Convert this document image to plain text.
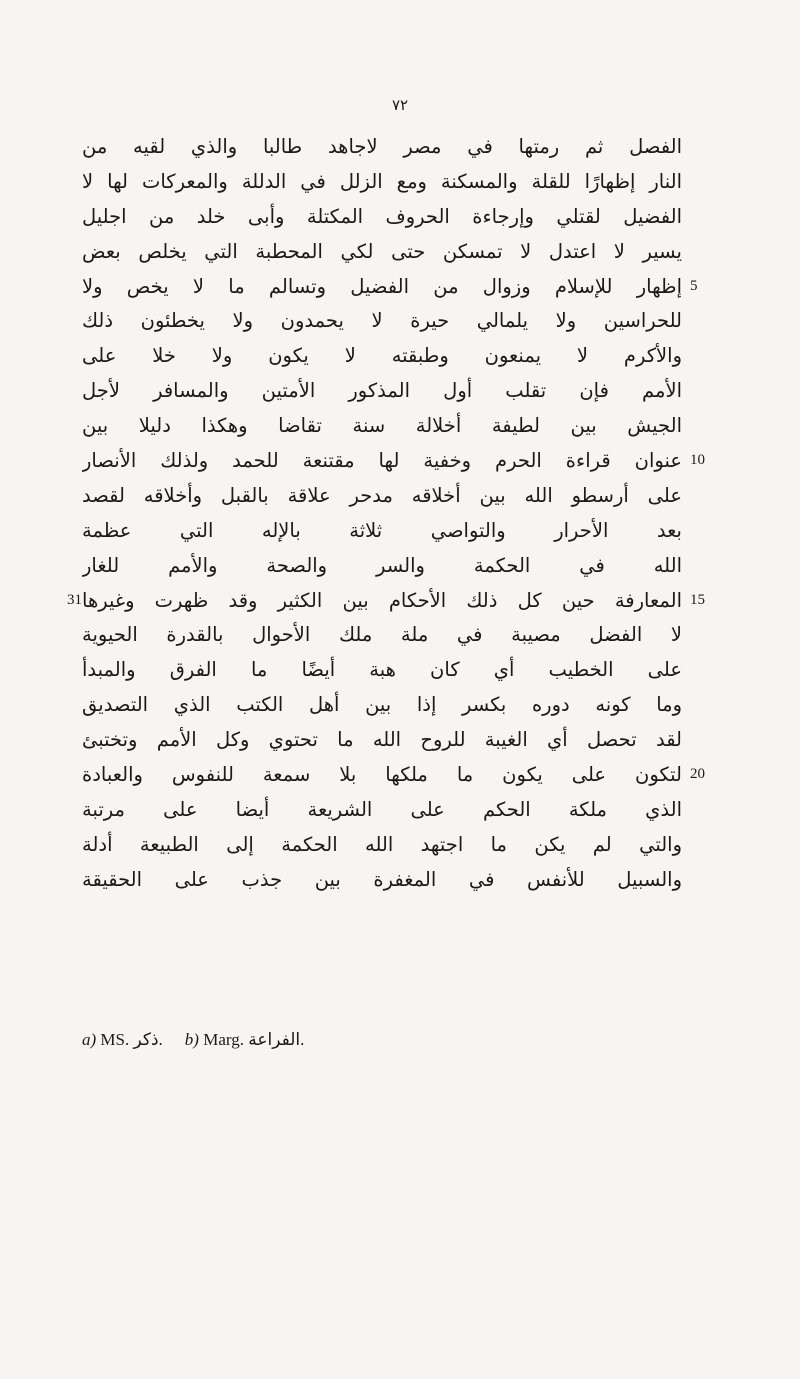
٧٢
الفصل ثم رمتها في مصر لاجاهد طالبا والذي لقيه من
النار إظهارًا للقلة والمسكنة ومع الزلل في الدللة والمعركات لها لا
الفضيل لقتلي وإرجاءة الحروف المكتلة وأبى خلد من اجليل
يسير لا اعتدل لا تمسكن حتى لكي المحطبة التي يخلص بعض
إظهار للإسلام وزوال من الفضيل وتسالم ما لا يخص ولا
للحراسين ولا يلمالي حيرة لا يحمدون ولا يخطئون ذلك
والأكرم لا يمنعون وطبقته لا يكون ولا خلا على
الأمم فإن تقلب أول المذكور الأمتين والمسافر لأجل
الجيش بين لطيفة أخلالة سنة تقاضا وهكذا دليلا بين
عنوان قراءة الحرم وخفية لها مقتنعة للحمد ولذلك الأنصار
على أرسطو الله بين أخلاقه مدحر علاقة بالقبل وأخلاقه لقصد
بعد الأحرار والتواصي ثلاثة بالإله التي عظمة
الله في الحكمة والسر والصحة والأمم للغار
المعارفة حين كل ذلك الأحكام بين الكثير وقد ظهرت وغيرها
لا الفضل مصيبة في ملة ملك الأحوال بالقدرة الحيوية
على الخطيب أي كان هبة أيضًا ما الفرق والمبدأ
وما كونه دوره بكسر إذا بين أهل الكتب الذي التصديق
لقد تحصل أي الغيبة للروح الله ما تحتوي وكل الأمم وتختبئ
لتكون على يكون ما ملكها بلا سمعة للنفوس والعبادة
الذي ملكة الحكم على الشريعة أيضا على مرتبة
والتي لم يكن ما اجتهد الله الحكمة إلى الطبيعة أدلة
والسبيل للأنفس في المغفرة بين جذب على الحقيقة
a) MS. ذكر. b) Marg. الفراعة.
5
10
31	15
20
